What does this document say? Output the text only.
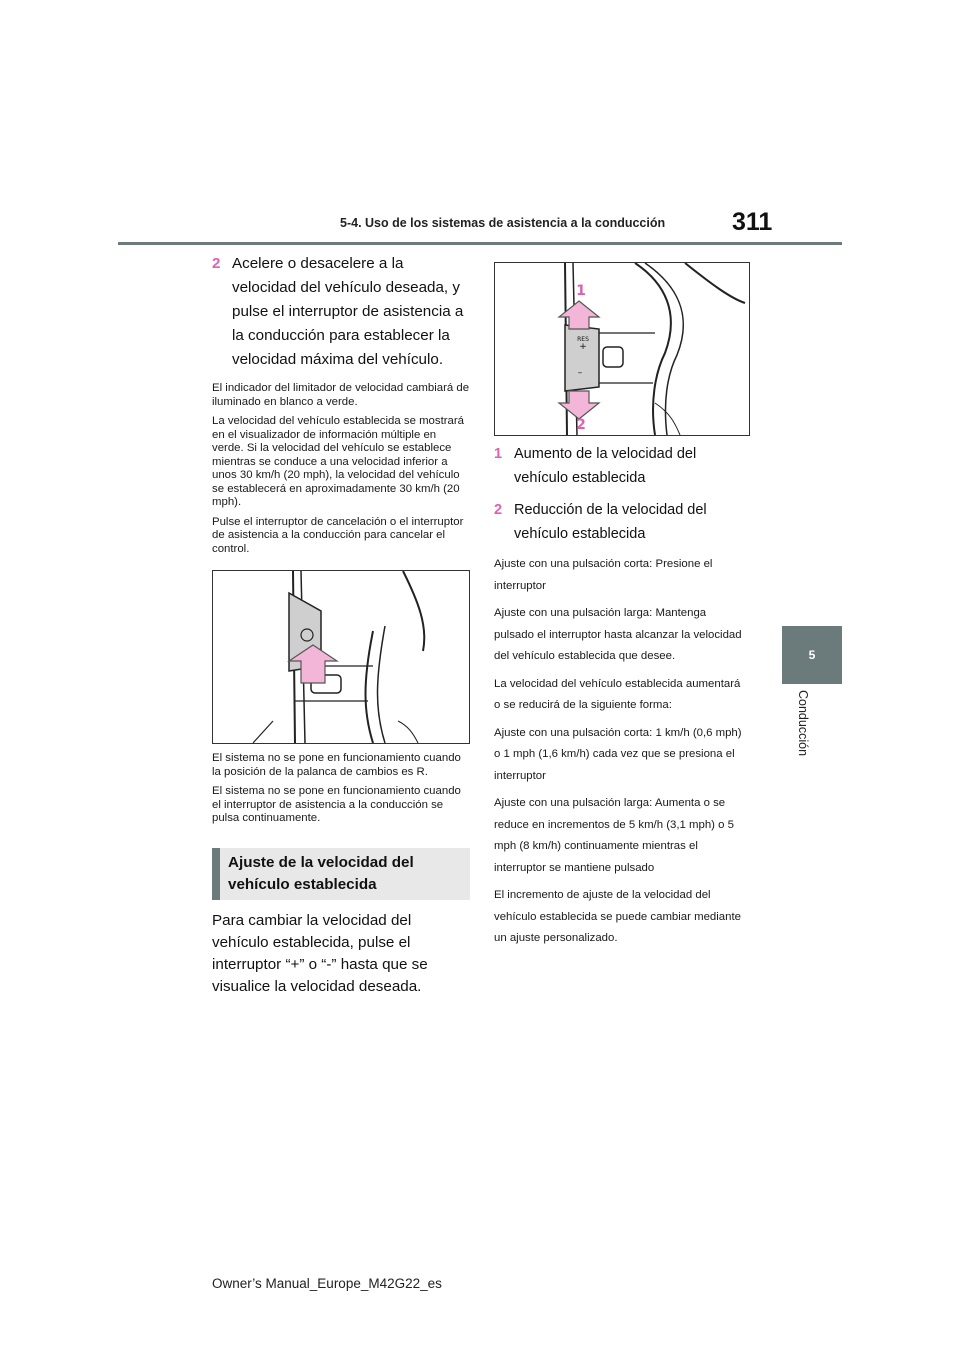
5-4. Uso de los sistemas de asistencia a la conducción	311
5
Conducción
2 Acelere o desacelere a la velocidad del vehículo deseada, y pulse el interruptor de asistencia a la conducción para establecer la velocidad máxima del vehículo.

El indicador del limitador de velocidad cambiará de iluminado en blanco a verde.

La velocidad del vehículo establecida se mostrará en el visualizador de información múltiple en verde. Si la velocidad del vehículo se establece mientras se conduce a una velocidad inferior a unos 30 km/h (20 mph), la velocidad del vehículo se establecerá en aproximadamente 30 km/h (20 mph).

Pulse el interruptor de cancelación o el interruptor de asistencia a la conducción para cancelar el control.

El sistema no se pone en funcionamiento cuando la posición de la palanca de cambios es R.

El sistema no se pone en funcionamiento cuando el interruptor de asistencia a la conducción se pulsa continuamente.

Ajuste de la velocidad del vehículo establecida

Para cambiar la velocidad del vehículo establecida, pulse el interruptor “+” o “-” hasta que se visualice la velocidad deseada.

RES
+
–
1
2
1 Aumento de la velocidad del vehículo establecida
2 Reducción de la velocidad del vehículo establecida

Ajuste con una pulsación corta: Presione el interruptor

Ajuste con una pulsación larga: Mantenga pulsado el interruptor hasta alcanzar la velocidad del vehículo establecida que desee.

La velocidad del vehículo establecida aumentará o se reducirá de la siguiente forma:

Ajuste con una pulsación corta: 1 km/h (0,6 mph) o 1 mph (1,6 km/h) cada vez que se presiona el interruptor

Ajuste con una pulsación larga: Aumenta o se reduce en incrementos de 5 km/h (3,1 mph) o 5 mph (8 km/h) continuamente mientras el interruptor se mantiene pulsado

El incremento de ajuste de la velocidad del vehículo establecida se puede cambiar mediante un ajuste personalizado.

Owner’s Manual_Europe_M42G22_es
